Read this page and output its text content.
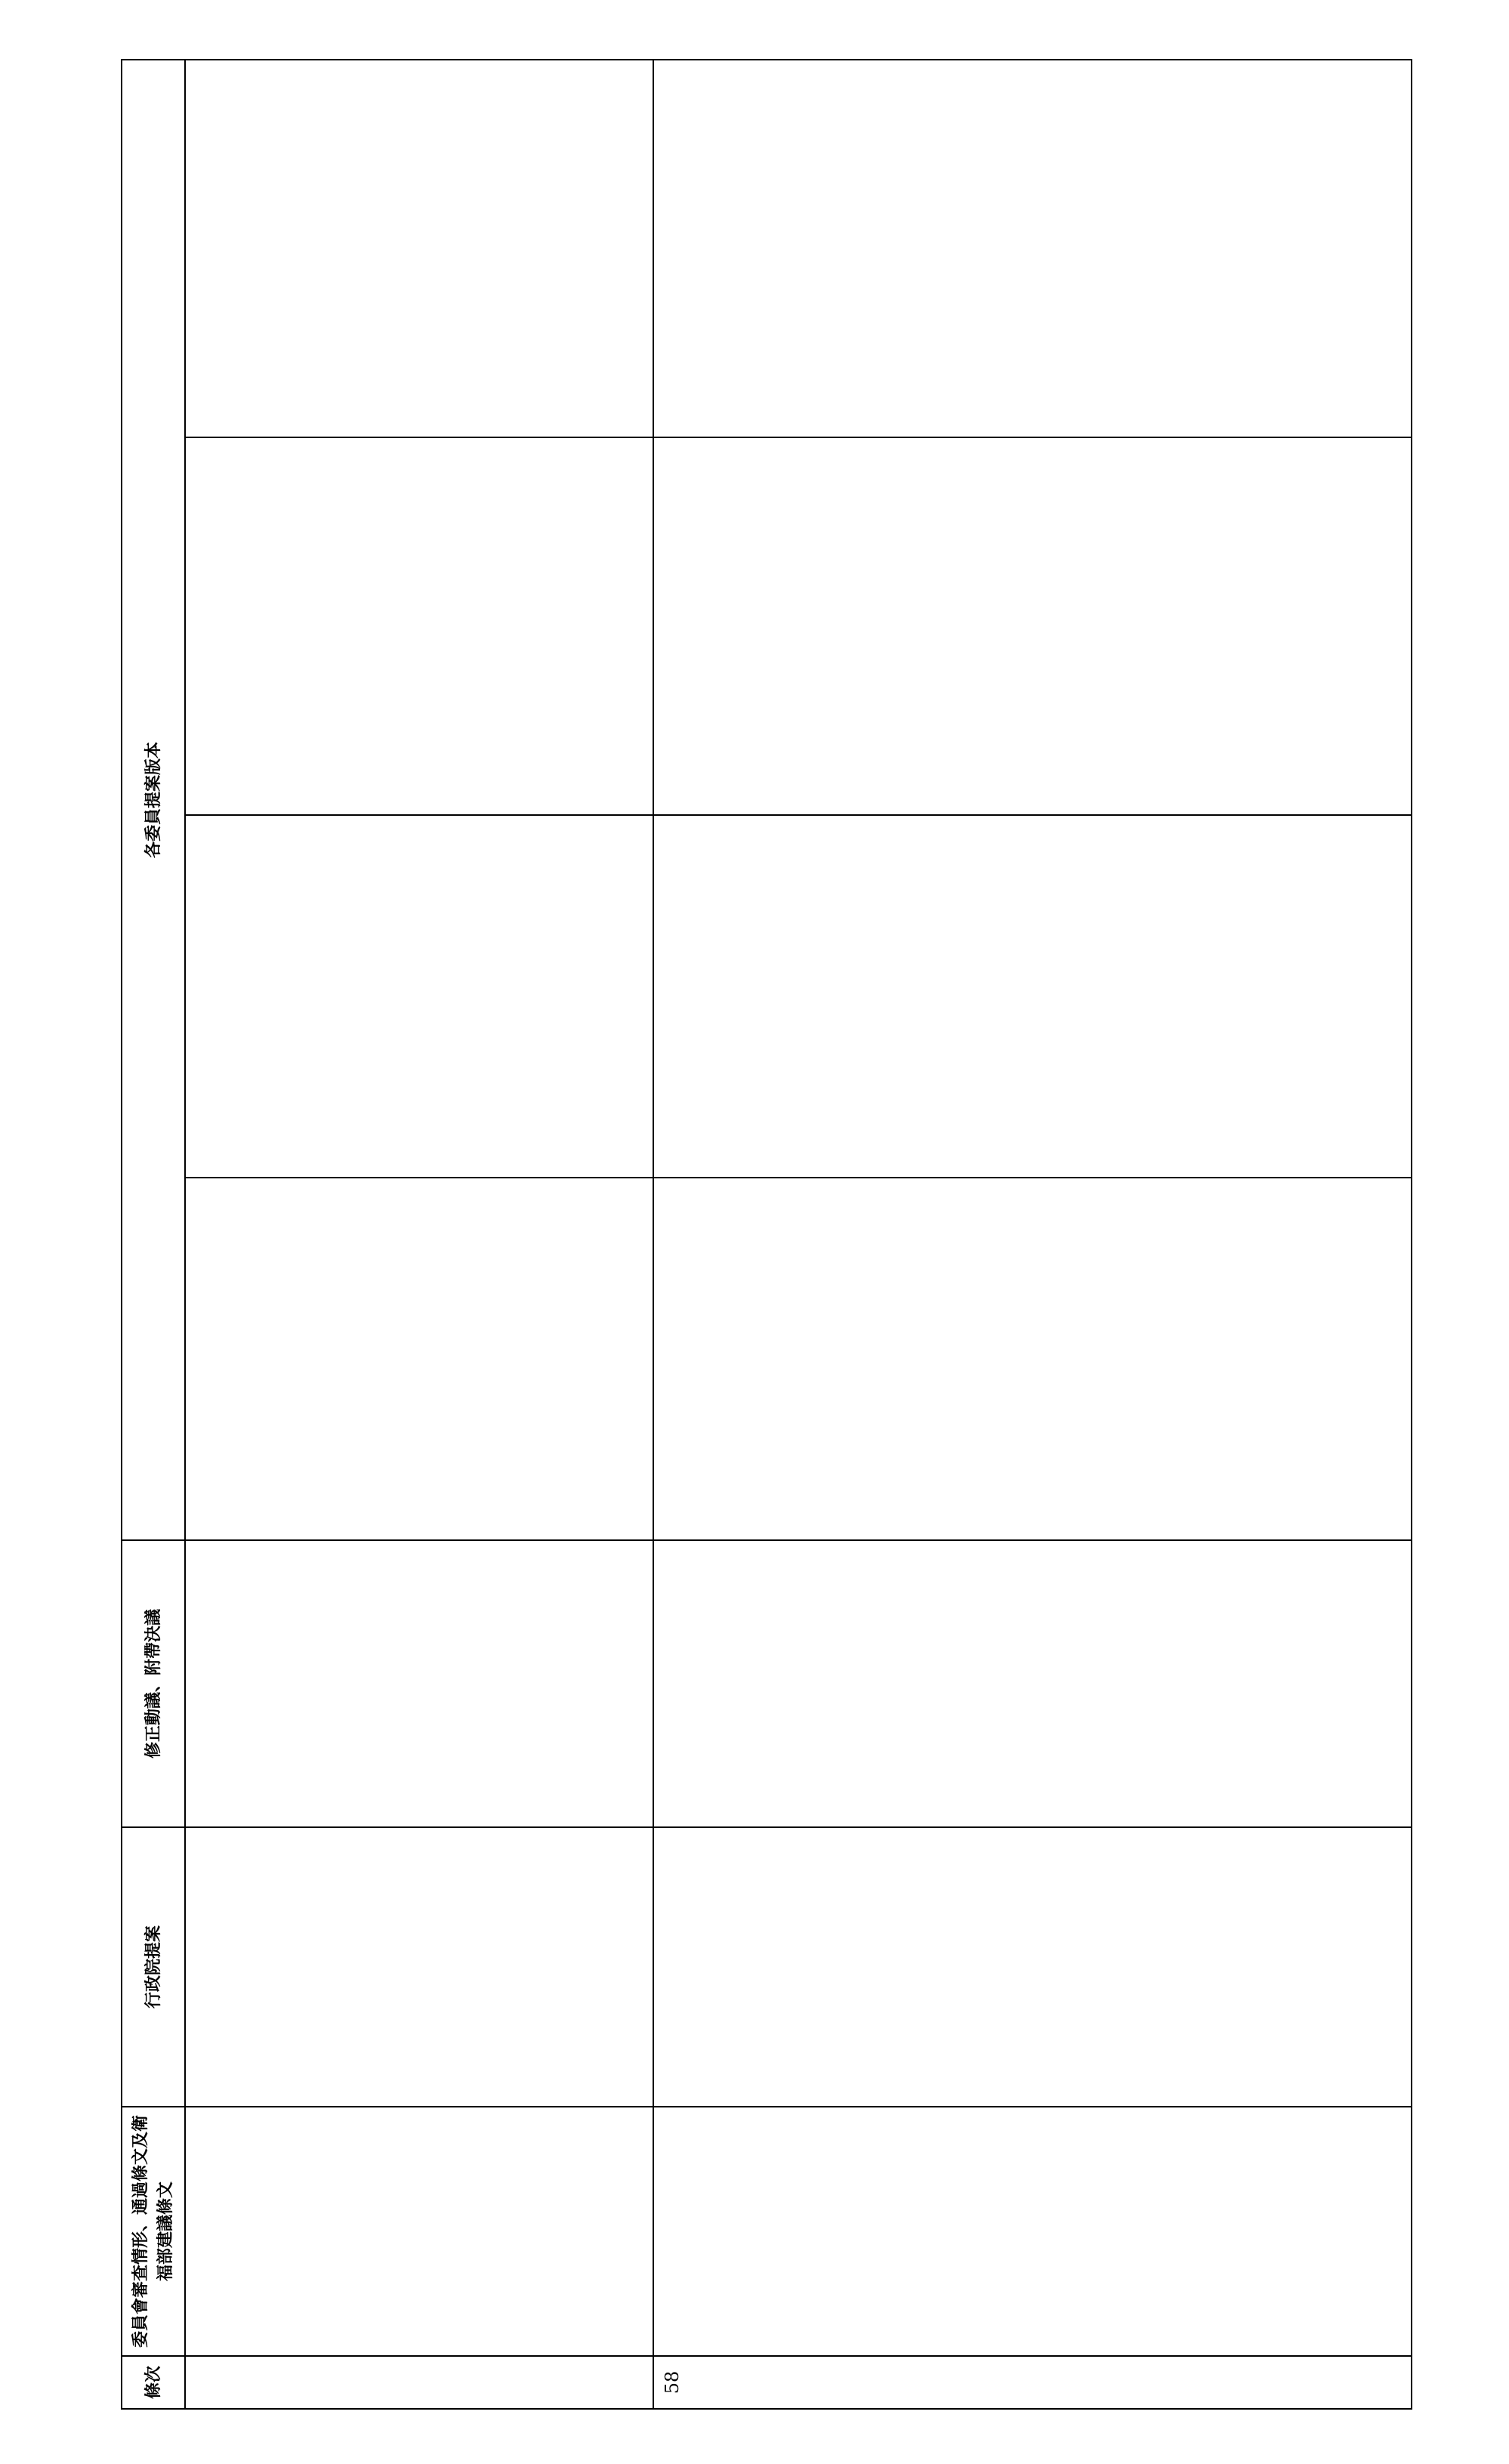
條次	委員會審查情形、通過條文及衛福部建議條文	行政院提案	修正動議、附帶決議	各委員提案版本			

58							
